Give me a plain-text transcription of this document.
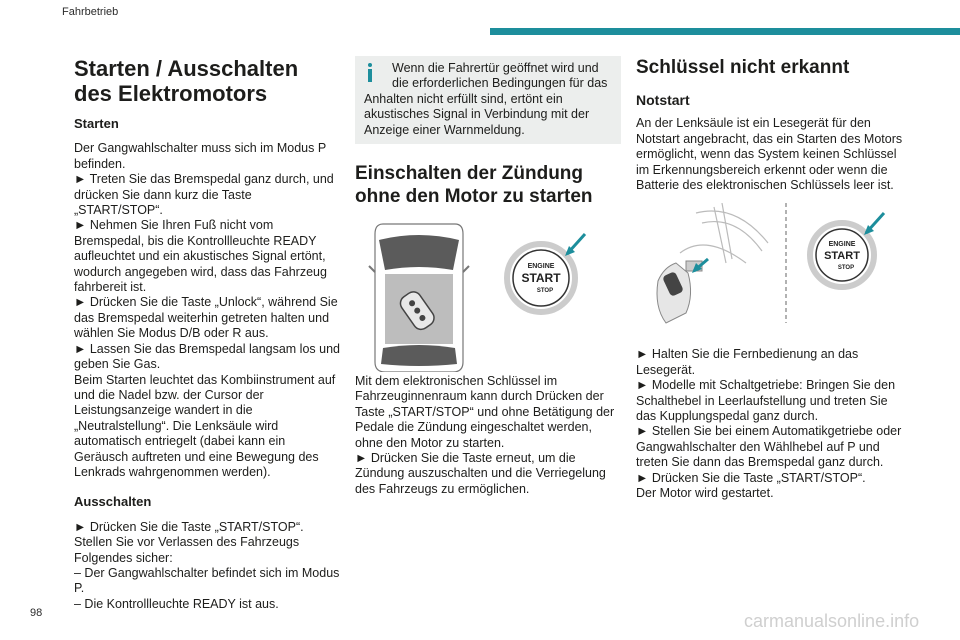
Fahrbetrieb
Starten / Ausschalten des Elektromotors
Starten

Der Gangwahlschalter muss sich im Modus P befinden.

► Treten Sie das Bremspedal ganz durch, und drücken Sie dann kurz die Taste „START/STOP“.

► Nehmen Sie Ihren Fuß nicht vom Bremspedal, bis die Kontrollleuchte READY aufleuchtet und ein akustisches Signal ertönt, wodurch angegeben wird, dass das Fahrzeug fahrbereit ist.

► Drücken Sie die Taste „Unlock“, während Sie das Bremspedal weiterhin getreten halten und wählen Sie Modus D/B oder R aus.

► Lassen Sie das Bremspedal langsam los und geben Sie Gas.

Beim Starten leuchtet das Kombiinstrument auf und die Nadel bzw. der Cursor der Leistungsanzeige wandert in die „Neutralstellung“. Die Lenksäule wird automatisch entriegelt (dabei kann ein Geräusch auftreten und eine Bewegung des Lenkrads wahrgenommen werden).

Ausschalten

► Drücken Sie die Taste „START/STOP“.

Stellen Sie vor Verlassen des Fahrzeugs Folgendes sicher:

– Der Gangwahlschalter befindet sich im Modus P.

– Die Kontrollleuchte READY ist aus.

Wenn die Fahrertür geöffnet wird und die erforderlichen Bedingungen für das Anhalten nicht erfüllt sind, ertönt ein akustisches Signal in Verbindung mit der Anzeige einer Warnmeldung.
Einschalten der Zündung ohne den Motor zu starten
ENGINE
START
STOP

Mit dem elektronischen Schlüssel im Fahrzeuginnenraum kann durch Drücken der Taste „START/STOP“ und ohne Betätigung der Pedale die Zündung eingeschaltet werden, ohne den Motor zu starten.

► Drücken Sie die Taste erneut, um die Zündung auszuschalten und die Verriegelung des Fahrzeugs zu ermöglichen.

Schlüssel nicht erkannt
Notstart

An der Lenksäule ist ein Lesegerät für den Notstart angebracht, das ein Starten des Motors ermöglicht, wenn das System keinen Schlüssel im Erkennungsbereich erkennt oder wenn die Batterie des elektronischen Schlüssels leer ist.

ENGINE
START
STOP

► Halten Sie die Fernbedienung an das Lesegerät.

► Modelle mit Schaltgetriebe: Bringen Sie den Schalthebel in Leerlaufstellung und treten Sie das Kupplungspedal ganz durch.

► Stellen Sie bei einem Automatikgetriebe oder Gangwahlschalter den Wählhebel auf P und treten Sie dann das Bremspedal ganz durch.

► Drücken Sie die Taste „START/STOP“.

Der Motor wird gestartet.

98	carmanualsonline.info
